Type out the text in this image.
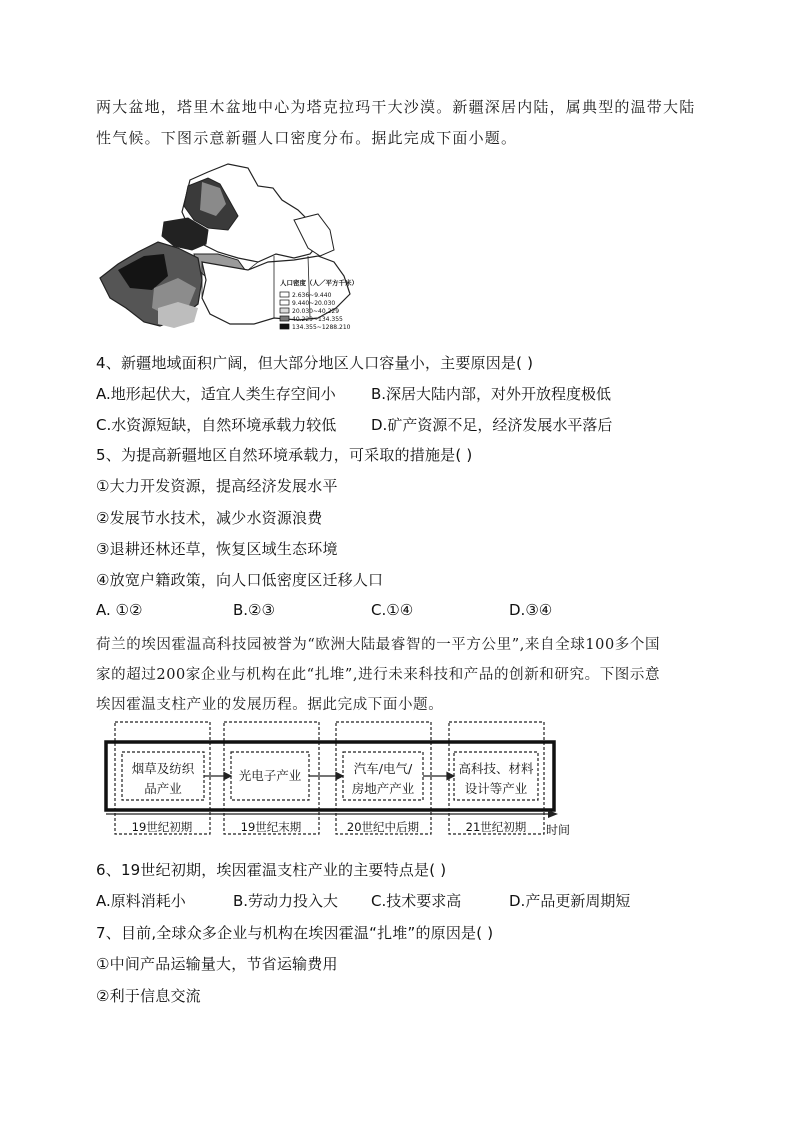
两大盆地，塔里木盆地中心为塔克拉玛干大沙漠。新疆深居内陆，属典型的温带大陆
性气候。下图示意新疆人口密度分布。据此完成下面小题。
人口密度（人／平方千米）
2.636~9.440
9.440~20.030
20.030~40.229
40.229~134.355
134.355~1288.210
4、新疆地域面积广阔，但大部分地区人口容量小，主要原因是( )
A.地形起伏大，适宜人类生存空间小 B.深居大陆内部，对外开放程度极低
C.水资源短缺，自然环境承载力较低 D.矿产资源不足，经济发展水平落后
5、为提高新疆地区自然环境承载力，可采取的措施是( )
①大力开发资源，提高经济发展水平
②发展节水技术，减少水资源浪费
③退耕还林还草，恢复区域生态环境
④放宽户籍政策，向人口低密度区迁移人口
A. ①②	B.②③	C.①④	D.③④
荷兰的埃因霍温高科技园被誉为“欧洲大陆最睿智的一平方公里”,来自全球100多个国
家的超过200家企业与机构在此“扎堆”,进行未来科技和产品的创新和研究。下图示意
埃因霍温支柱产业的发展历程。据此完成下面小题。
烟草及纺织
品产业
光电子产业	汽车/电气/
房地产产业
高科技、材料
设计等产业
时间
19世纪初期	19世纪末期	20世纪中后期	21世纪初期
6、19世纪初期，埃因霍温支柱产业的主要特点是( )
A.原料消耗小	B.劳动力投入大 C.技术要求高	D.产品更新周期短
7、目前,全球众多企业与机构在埃因霍温“扎堆”的原因是( )
①中间产品运输量大，节省运输费用
②利于信息交流
